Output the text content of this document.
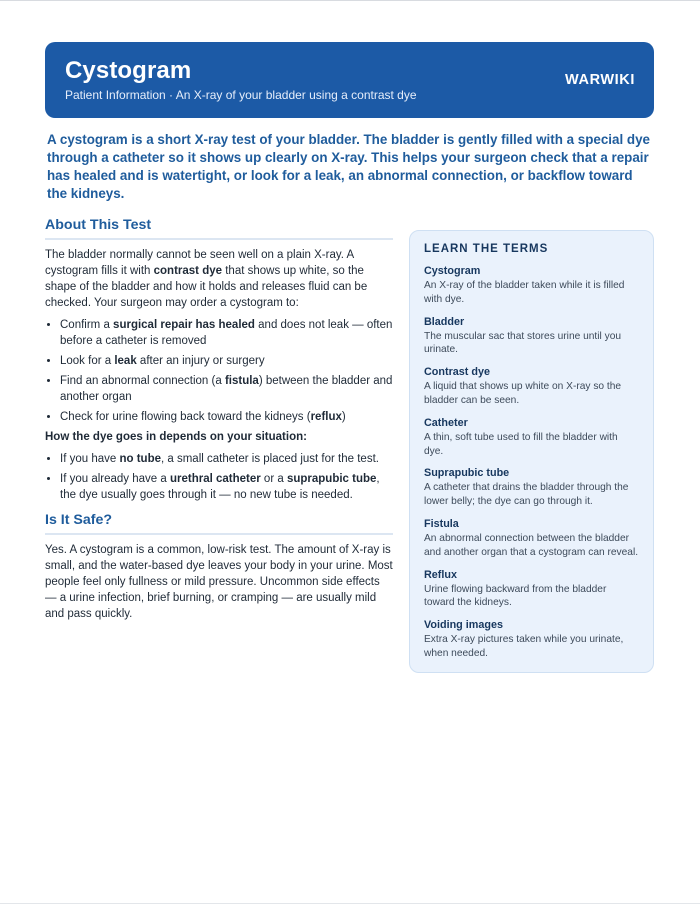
Cystogram
Patient Information · An X-ray of your bladder using a contrast dye
WARWIKI

A cystogram is a short X-ray test of your bladder. The bladder is gently filled with a special dye through a catheter so it shows up clearly on X-ray. This helps your surgeon check that a repair has healed and is watertight, or look for a leak, an abnormal connection, or backflow toward the kidneys.

About This Test

The bladder normally cannot be seen well on a plain X-ray. A cystogram fills it with contrast dye that shows up white, so the shape of the bladder and how it holds and releases fluid can be checked. Your surgeon may order a cystogram to:

• Confirm a surgical repair has healed and does not leak — often before a catheter is removed
• Look for a leak after an injury or surgery
• Find an abnormal connection (a fistula) between the bladder and another organ
• Check for urine flowing back toward the kidneys (reflux)

How the dye goes in depends on your situation:

• If you have no tube, a small catheter is placed just for the test.
• If you already have a urethral catheter or a suprapubic tube, the dye usually goes through it — no new tube is needed.
Is It Safe?

Yes. A cystogram is a common, low-risk test. The amount of X-ray is small, and the water-based dye leaves your body in your urine. Most people feel only fullness or mild pressure. Uncommon side effects — a urine infection, brief burning, or cramping — are usually mild and pass quickly.

LEARN THE TERMS
Cystogram
An X-ray of the bladder taken while it is filled with dye.
Bladder
The muscular sac that stores urine until you urinate.
Contrast dye
A liquid that shows up white on X-ray so the bladder can be seen.
Catheter
A thin, soft tube used to fill the bladder with dye.
Suprapubic tube
A catheter that drains the bladder through the lower belly; the dye can go through it.
Fistula
An abnormal connection between the bladder and another organ that a cystogram can reveal.
Reflux
Urine flowing backward from the bladder toward the kidneys.
Voiding images
Extra X-ray pictures taken while you urinate, when needed.
